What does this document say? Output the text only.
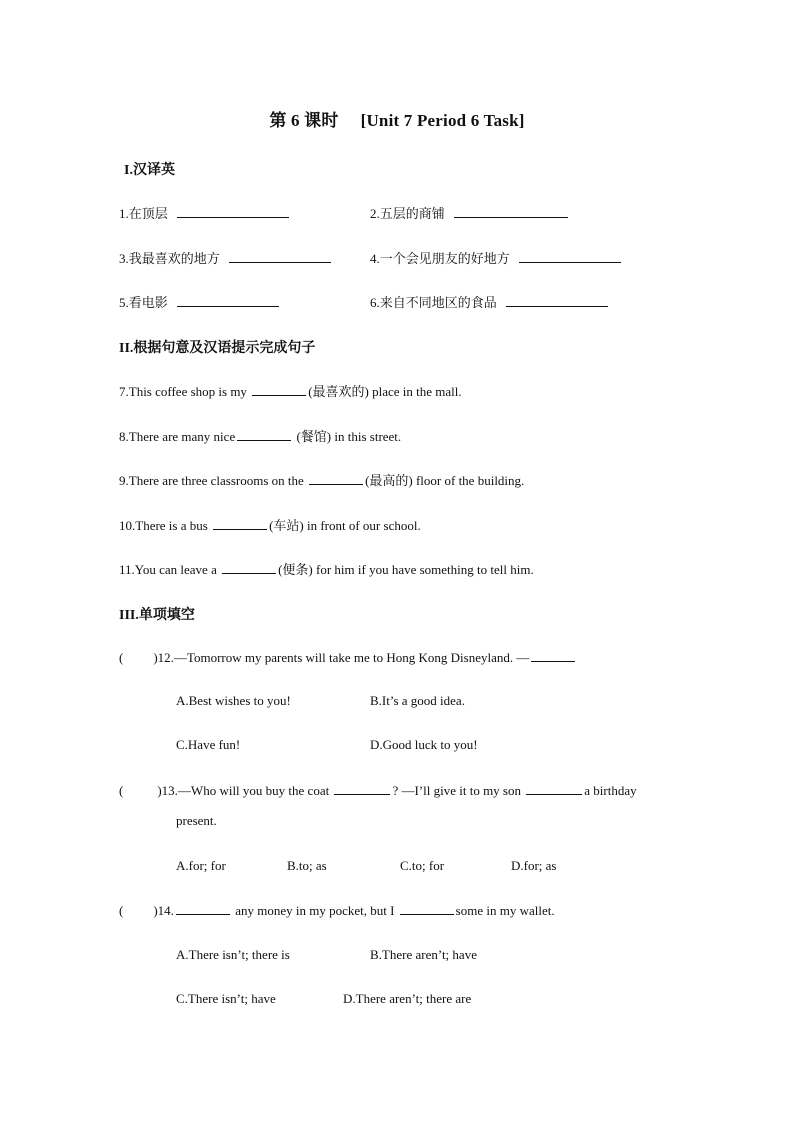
第 6 课时 [Unit 7 Period 6 Task]
I.汉译英
1.在顶层	2.五层的商铺
3.我最喜欢的地方	4.一个会见朋友的好地方
5.看电影	6.来自不同地区的食品
II.根据句意及汉语提示完成句子
7.This coffee shop is my	(最喜欢的) place in the mall.
8.There are many nice	(餐馆) in this street.
9.There are three classrooms on the	(最高的) floor of the building.
10.There is a bus	(车站) in front of our school.
11.You can leave a	(便条) for him if you have something to tell him.
III.单项填空
( )12.—Tomorrow my parents will take me to Hong Kong Disneyland. —
A.Best wishes to you!	B.It’s a good idea.
C.Have fun!	D.Good luck to you!
(	)13.—Who will you buy the coat	? —I’ll give it to my son	a birthday
present.
A.for; for	B.to; as	C.to; for	D.for; as
( )14.	any money in my pocket, but I	some in my wallet.
A.There isn’t; there is	B.There aren’t; have
C.There isn’t; have	D.There aren’t; there are
